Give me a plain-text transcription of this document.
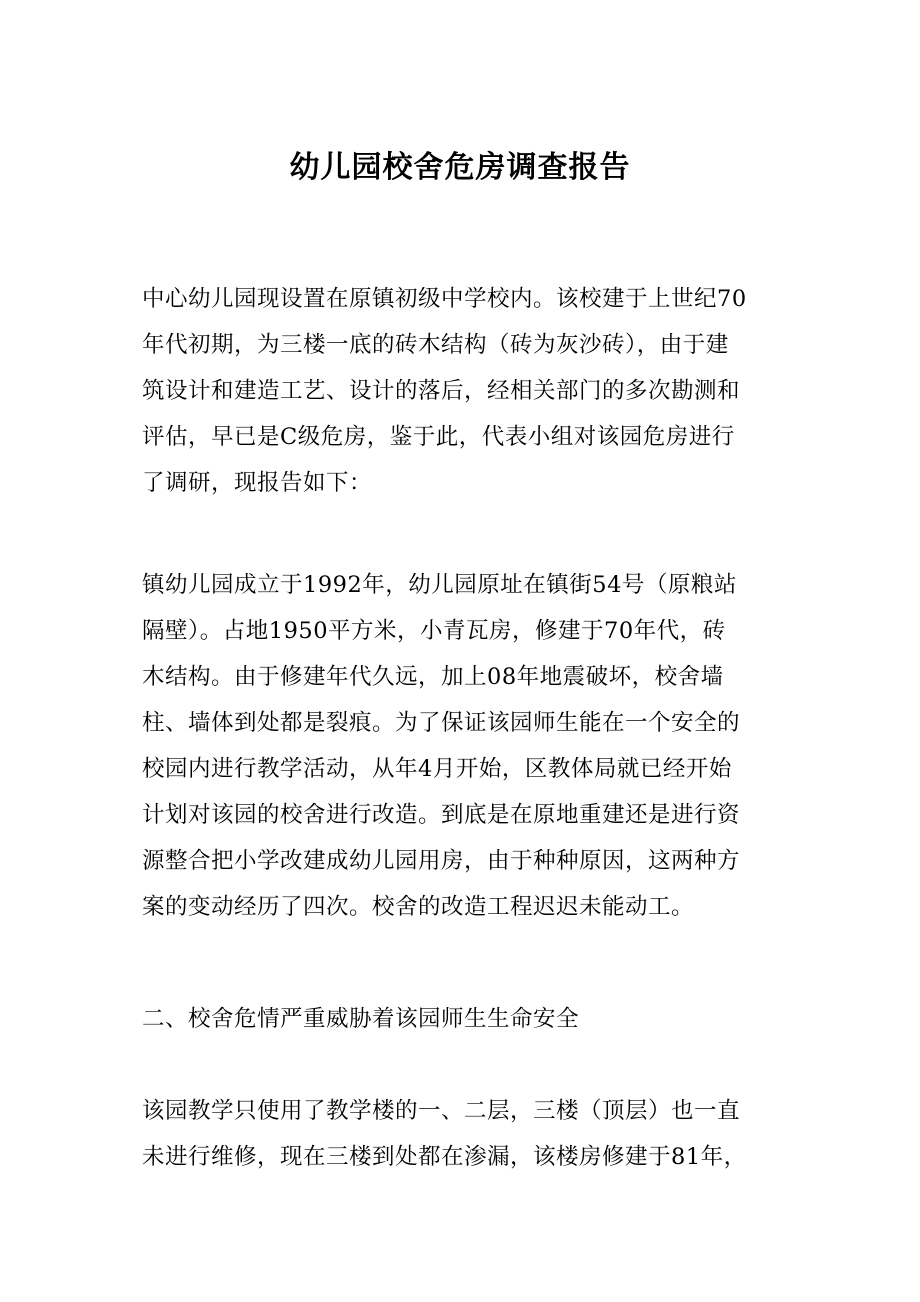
幼儿园校舍危房调查报告
中心幼儿园现设置在原镇初级中学校内。该校建于上世纪70
年代初期，为三楼一底的砖木结构（砖为灰沙砖），由于建
筑设计和建造工艺、设计的落后，经相关部门的多次勘测和
评估，早已是C级危房，鉴于此，代表小组对该园危房进行
了调研，现报告如下：
镇幼儿园成立于1992年，幼儿园原址在镇街54号（原粮站
隔壁）。占地1950平方米，小青瓦房，修建于70年代，砖
木结构。由于修建年代久远，加上08年地震破坏，校舍墙
柱、墙体到处都是裂痕。为了保证该园师生能在一个安全的
校园内进行教学活动，从年4月开始，区教体局就已经开始
计划对该园的校舍进行改造。到底是在原地重建还是进行资
源整合把小学改建成幼儿园用房，由于种种原因，这两种方
案的变动经历了四次。校舍的改造工程迟迟未能动工。
二、校舍危情严重威胁着该园师生生命安全
该园教学只使用了教学楼的一、二层，三楼（顶层）也一直
未进行维修，现在三楼到处都在渗漏，该楼房修建于81年，
